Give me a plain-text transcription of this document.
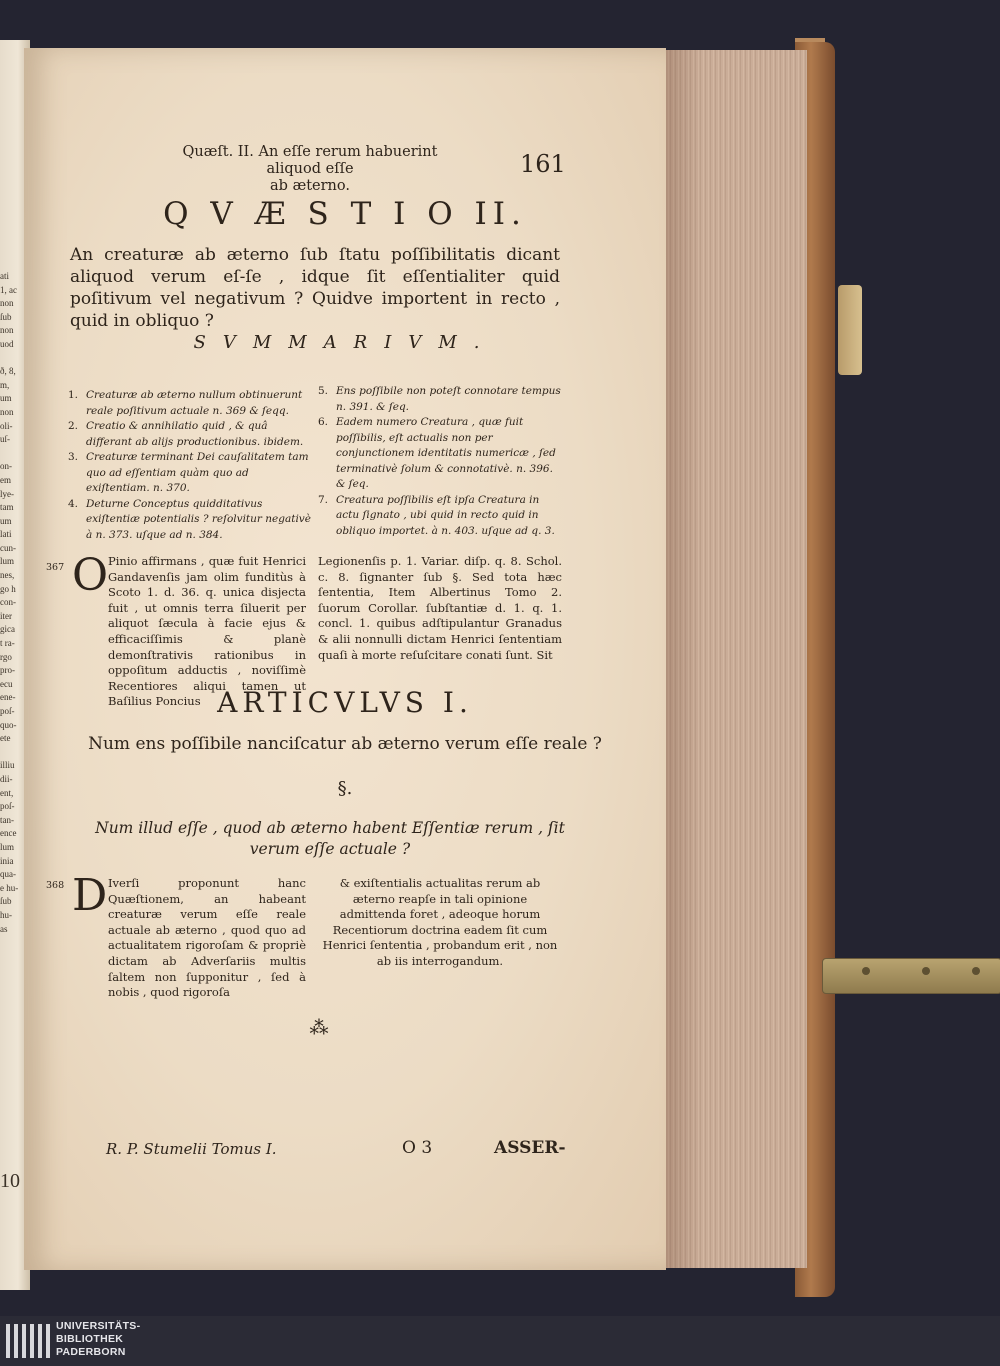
ati
1, ac
non
ſub
non
uod

ð, 8,
m,
um
non
oli-
uſ-

on-
em
lye-
tam
um
lati
cun-
lum
nes,
go h
con-
iter
gica
t ra-
rgo
pro-
ecu
ene-
poſ-
quo-
ete

illiu
dii-
ent,
poſ-
tan-
ence
lum
inia
qua-
e hu-
ſub
hu-
as
10
Quæſt. II. An eſſe rerum habuerint aliquod eſſe
ab æterno.
161
Q V Æ S T I O II.
An creaturæ ab æterno ſub ſtatu poſſibilitatis dicant aliquod verum eſ-ſe , idque ſit eſſentialiter quid poſitivum vel negativum ? Quidve importent in recto , quid in obliquo ?
SVMMARIVM.
1. Creaturæ ab æterno nullum obtinuerunt reale poſitivum actuale n. 369 & ſeqq.
2. Creatio & annihilatio quid , & quâ differant ab alijs productionibus. ibidem.
3. Creaturæ terminant Dei cauſalitatem tam quo ad eſſentiam quàm quo ad exiſtentiam. n. 370.
4. Deturne Conceptus quidditativus exiſtentiæ potentialis ? reſolvitur negativè à n. 373. uſque ad n. 384.
5. Ens poſſibile non poteſt connotare tempus n. 391. & ſeq.
6. Eadem numero Creatura , quæ fuit poſſibilis, eſt actualis non per conjunctionem identitatis numericæ , ſed terminativè ſolum & connotativè. n. 396. & ſeq.
7. Creatura poſſibilis eſt ipſa Creatura in actu ſignato , ubi quid in recto quid in obliquo importet. à n. 403. uſque ad q. 3.
367 O Pinio affirmans , quæ fuit Henrici Gandavenſis jam olim funditùs à Scoto 1. d. 36. q. unica disjecta fuit , ut omnis terra ſiluerit per aliquot ſæcula à facie ejus & efficaciſſimis & planè demonſtrativis rationibus in oppoſitum adductis , noviſſimè Recentiores aliqui tamen ut Baſilius Poncius
Legionenſis p. 1. Variar. diſp. q. 8. Schol. c. 8. ſignanter ſub §. Sed tota hæc ſententia, Item Albertinus Tomo 2. ſuorum Corollar. ſubſtantiæ d. 1. q. 1. concl. 1. quibus adſtipulantur Granadus & alii nonnulli dictam Henrici ſententiam quaſi à morte reſuſcitare conati ſunt. Sit
ARTICVLVS I.
Num ens poſſibile nanciſcatur ab æterno verum eſſe reale ?
§.
Num illud eſſe , quod ab æterno habent Eſſentiæ rerum , ſit verum eſſe actuale ?
368 D Iverſi proponunt hanc Quæſtionem, an habeant creaturæ verum eſſe reale actuale ab æterno , quod quo ad actualitatem rigoroſam & propriè dictam ab Adverſariis multis ſaltem non ſupponitur , ſed à nobis , quod rigoroſa
& exiſtentialis actualitas rerum ab æterno reapſe in tali opinione admittenda foret , adeoque horum Recentiorum doctrina eadem ſit cum Henrici ſententia , probandum erit , non ab iis interrogandum.
⁂
R. P. Stumelii Tomus I.	O 3	ASSER-
UNIVERSITÄTS-
BIBLIOTHEK
PADERBORN
